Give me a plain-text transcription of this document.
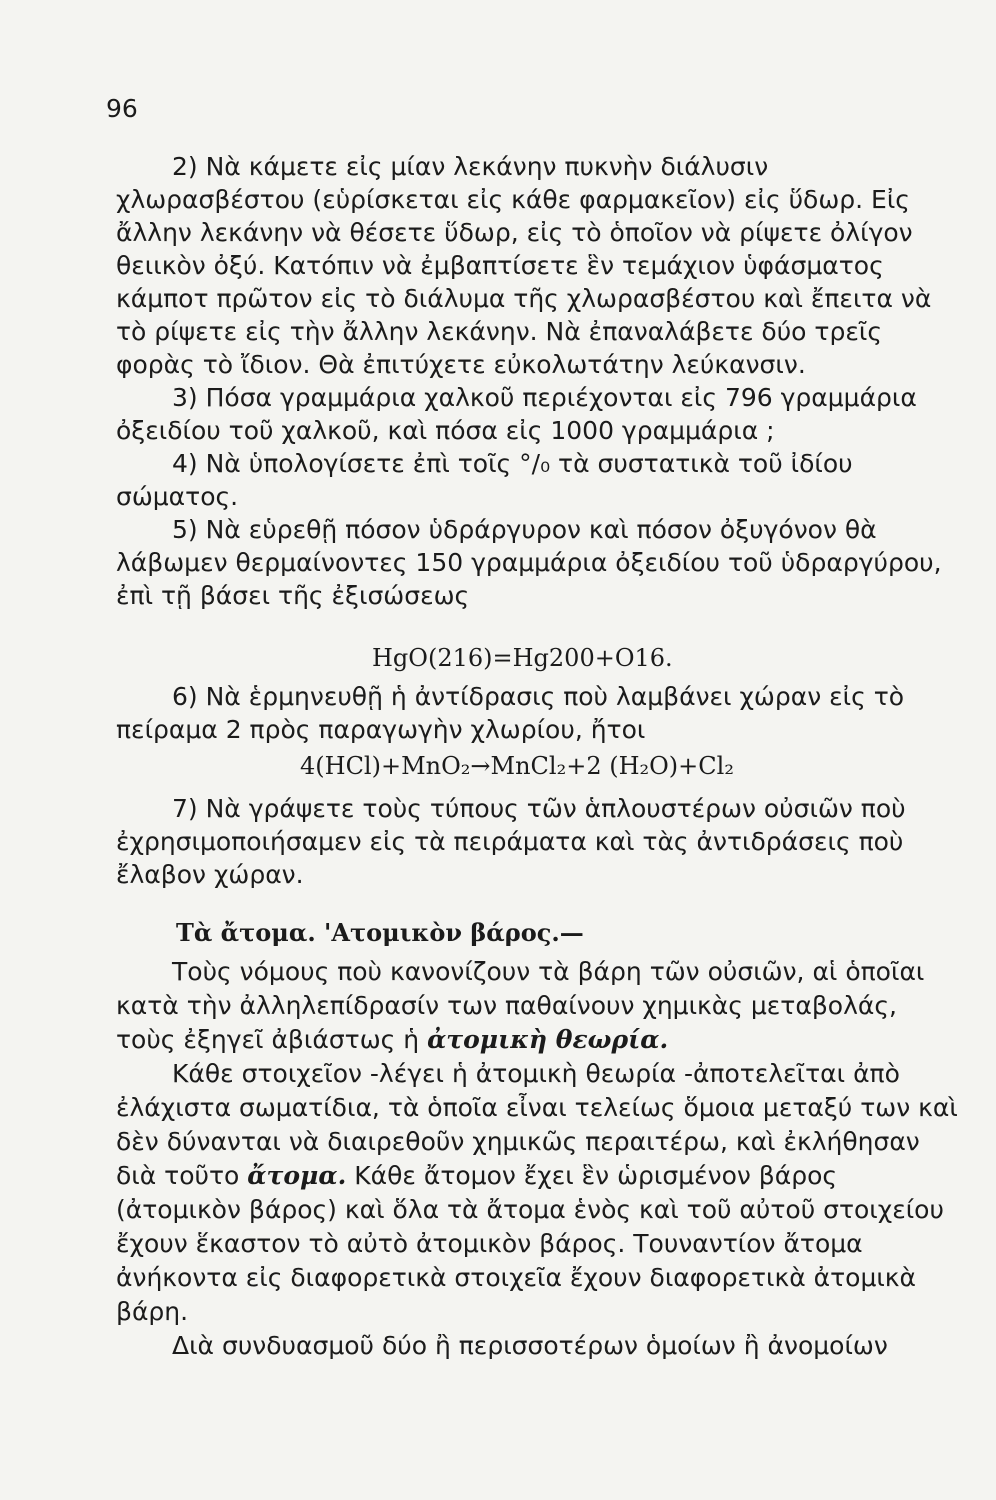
96

2) Νὰ κάμετε εἰς μίαν λεκάνην πυκνὴν διάλυσιν χλωρασβέστου (εὑρίσκεται εἰς κάθε φαρμακεῖον) εἰς ὕδωρ. Εἰς ἄλλην λεκάνην νὰ θέσετε ὕδωρ, εἰς τὸ ὁποῖον νὰ ρίψετε ὀλίγον θειικὸν ὀξύ. Κατόπιν νὰ ἐμβαπτίσετε ἓν τεμάχιον ὑφάσματος κάμποτ πρῶτον εἰς τὸ διάλυμα τῆς χλωρασβέστου καὶ ἔπειτα νὰ τὸ ρίψετε εἰς τὴν ἄλλην λεκάνην. Νὰ ἐπαναλάβετε δύο τρεῖς φορὰς τὸ ἴδιον. Θὰ ἐπιτύχετε εὐκολωτάτην λεύκανσιν.

3) Πόσα γραμμάρια χαλκοῦ περιέχονται εἰς 796 γραμμάρια ὀξειδίου τοῦ χαλκοῦ, καὶ πόσα εἰς 1000 γραμμάρια ;

4) Νὰ ὑπολογίσετε ἐπὶ τοῖς °/₀ τὰ συστατικὰ τοῦ ἰδίου σώματος.

5) Νὰ εὑρεθῇ πόσον ὑδράργυρον καὶ πόσον ὀξυγόνον θὰ λάβωμεν θερμαίνοντες 150 γραμμάρια ὀξειδίου τοῦ ὑδραργύρου, ἐπὶ τῇ βάσει τῆς ἐξισώσεως

HgO(216)=Hg200+O16.

6) Νὰ ἑρμηνευθῇ ἡ ἀντίδρασις ποὺ λαμβάνει χώραν εἰς τὸ πείραμα 2 πρὸς παραγωγὴν χλωρίου, ἤτοι

4(HCl)+MnO₂→MnCl₂+2 (H₂O)+Cl₂

7) Νὰ γράψετε τοὺς τύπους τῶν ἁπλουστέρων οὐσιῶν ποὺ ἐχρησιμοποιήσαμεν εἰς τὰ πειράματα καὶ τὰς ἀντιδράσεις ποὺ ἔλαβον χώραν.

Τὰ ἄτομα. 'Ατομικὸν βάρος.—

Τοὺς νόμους ποὺ κανονίζουν τὰ βάρη τῶν οὐσιῶν, αἱ ὁποῖαι κατὰ τὴν ἀλληλεπίδρασίν των παθαίνουν χημικὰς μεταβολάς, τοὺς ἐξηγεῖ ἀβιάστως ἡ ἀτομικὴ θεωρία.

Κάθε στοιχεῖον -λέγει ἡ ἀτομικὴ θεωρία -ἀποτελεῖται ἀπὸ ἐλάχιστα σωματίδια, τὰ ὁποῖα εἶναι τελείως ὅμοια μεταξύ των καὶ δὲν δύνανται νὰ διαιρεθοῦν χημικῶς περαιτέρω, καὶ ἐκλήθησαν διὰ τοῦτο ἄτομα. Κάθε ἄτομον ἔχει ἓν ὡρισμένον βάρος (ἀτομικὸν βάρος) καὶ ὅλα τὰ ἄτομα ἑνὸς καὶ τοῦ αὐτοῦ στοιχείου ἔχουν ἕκαστον τὸ αὐτὸ ἀτομικὸν βάρος. Τουναντίον ἄτομα ἀνήκοντα εἰς διαφορετικὰ στοιχεῖα ἔχουν διαφορετικὰ ἀτομικὰ βάρη.

Διὰ συνδυασμοῦ δύο ἢ περισσοτέρων ὁμοίων ἢ ἀνομοίων
